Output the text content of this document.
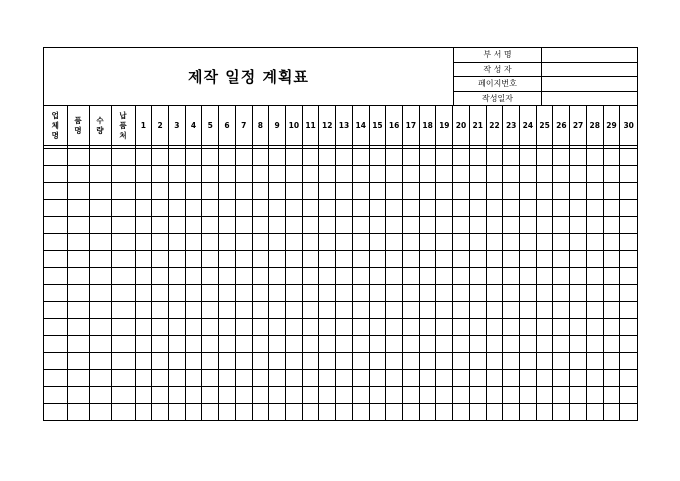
제작 일정 계획표
부 서 명
작 성 자
페이지번호
작성일자
업체명	품명	수량	납품처	1	2	3	4	5	6	7	8	9	10	11	12	13	14	15	16	17	18	19	20	21	22	23	24	25	26	27	28	29	30
